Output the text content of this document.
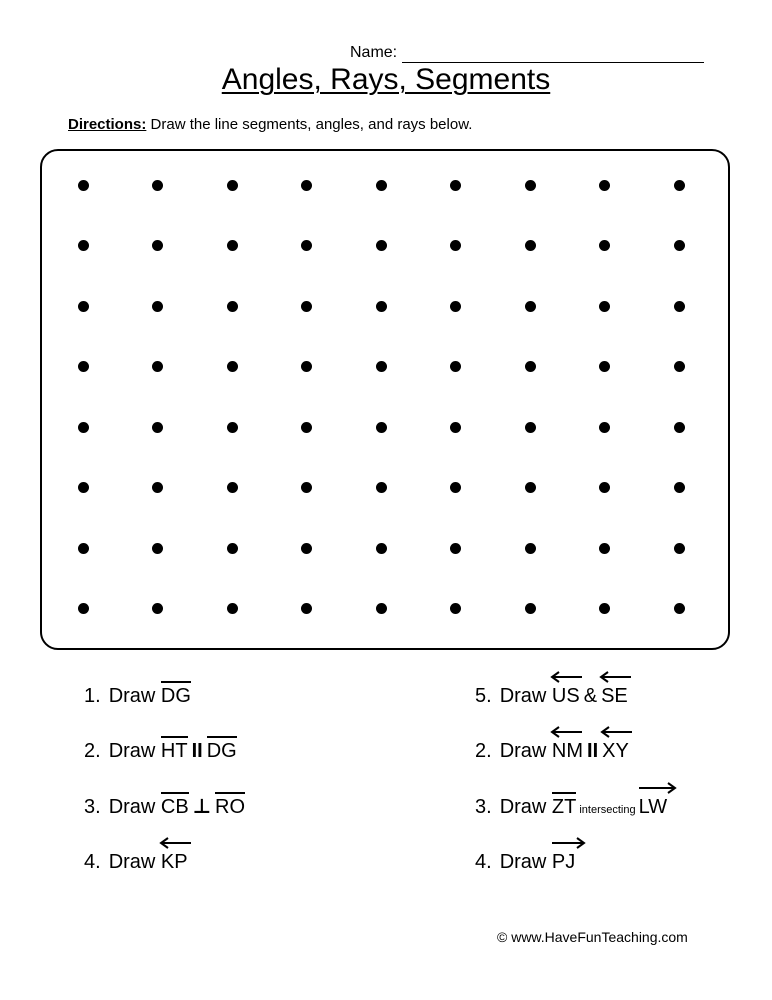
Name:
Angles, Rays, Segments
Directions: Draw the line segments, angles, and rays below.
1. Draw DG
2. Draw HT II DG
3. Draw CB ⊥ RO
4. Draw KP
5. Draw US & SE
2. Draw NM II XY
3. Draw ZT intersecting LW
4. Draw PJ
© www.HaveFunTeaching.com
